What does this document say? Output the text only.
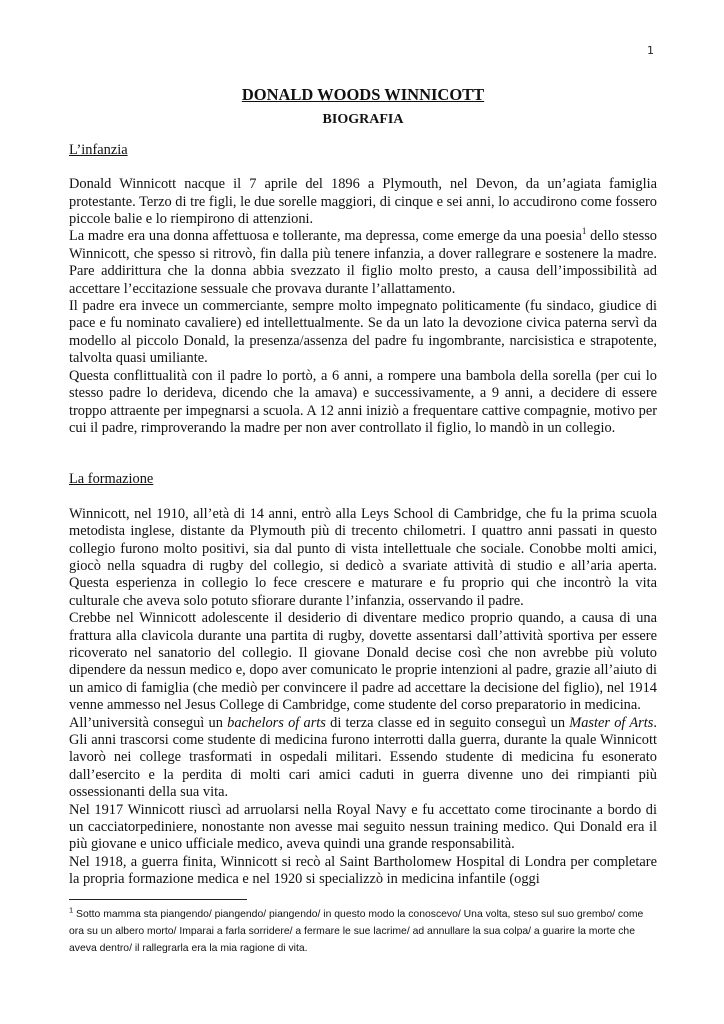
1
DONALD WOODS WINNICOTT
BIOGRAFIA
L’infanzia

Donald Winnicott nacque il 7 aprile del 1896 a Plymouth, nel Devon, da un’agiata famiglia protestante. Terzo di tre figli, le due sorelle maggiori, di cinque e sei anni, lo accudirono come fossero piccole balie e lo riempirono di attenzioni.

La madre era una donna affettuosa e tollerante, ma depressa, come emerge da una poesia$^1$ dello stesso Winnicott, che spesso si ritrovò, fin dalla più tenere infanzia, a dover rallegrare e sostenere la madre. Pare addirittura che la donna abbia svezzato il figlio molto presto, a causa dell’impossibilità ad accettare l’eccitazione sessuale che provava durante l’allattamento.

Il padre era invece un commerciante, sempre molto impegnato politicamente (fu sindaco, giudice di pace e fu nominato cavaliere) ed intellettualmente. Se da un lato la devozione civica paterna servì da modello al piccolo Donald, la presenza/assenza del padre fu ingombrante, narcisistica e strapotente, talvolta quasi umiliante.

Questa conflittualità con il padre lo portò, a 6 anni, a rompere una bambola della sorella (per cui lo stesso padre lo derideva, dicendo che la amava) e successivamente, a 9 anni, a decidere di essere troppo attraente per impegnarsi a scuola. A 12 anni iniziò a frequentare cattive compagnie, motivo per cui il padre, rimproverando la madre per non aver controllato il figlio, lo mandò in un collegio.

La formazione

Winnicott, nel 1910, all’età di 14 anni, entrò alla Leys School di Cambridge, che fu la prima scuola metodista inglese, distante da Plymouth più di trecento chilometri. I quattro anni passati in questo collegio furono molto positivi, sia dal punto di vista intellettuale che sociale. Conobbe molti amici, giocò nella squadra di rugby del collegio, si dedicò a svariate attività di studio e all’aria aperta. Questa esperienza in collegio lo fece crescere e maturare e fu proprio qui che incontrò la vita culturale che aveva solo potuto sfiorare durante l’infanzia, osservando il padre.

Crebbe nel Winnicott adolescente il desiderio di diventare medico proprio quando, a causa di una frattura alla clavicola durante una partita di rugby, dovette assentarsi dall’attività sportiva per essere ricoverato nel sanatorio del collegio. Il giovane Donald decise così che non avrebbe più voluto dipendere da nessun medico e, dopo aver comunicato le proprie intenzioni al padre, grazie all’aiuto di un amico di famiglia (che mediò per convincere il padre ad accettare la decisione del figlio), nel 1914 venne ammesso nel Jesus College di Cambridge, come studente del corso preparatorio in medicina.

All’università conseguì un bachelors of arts di terza classe ed in seguito conseguì un Master of Arts. Gli anni trascorsi come studente di medicina furono interrotti dalla guerra, durante la quale Winnicott lavorò nei college trasformati in ospedali militari. Essendo studente di medicina fu esonerato dall’esercito e la perdita di molti cari amici caduti in guerra divenne uno dei rimpianti più ossessionanti della sua vita.

Nel 1917 Winnicott riuscì ad arruolarsi nella Royal Navy e fu accettato come tirocinante a bordo di un cacciatorpediniere, nonostante non avesse mai seguito nessun training medico. Qui Donald era il più giovane e unico ufficiale medico, aveva quindi una grande responsabilità.

Nel 1918, a guerra finita, Winnicott si recò al Saint Bartholomew Hospital di Londra per completare la propria formazione medica e nel 1920 si specializzò in medicina infantile (oggi

$^1$ Sotto mamma sta piangendo/ piangendo/ piangendo/ in questo modo la conoscevo/ Una volta, steso sul suo grembo/ come ora su un albero morto/ Imparai a farla sorridere/ a fermare le sue lacrime/ ad annullare la sua colpa/ a guarire la morte che aveva dentro/ il rallegrarla era la mia ragione di vita.
